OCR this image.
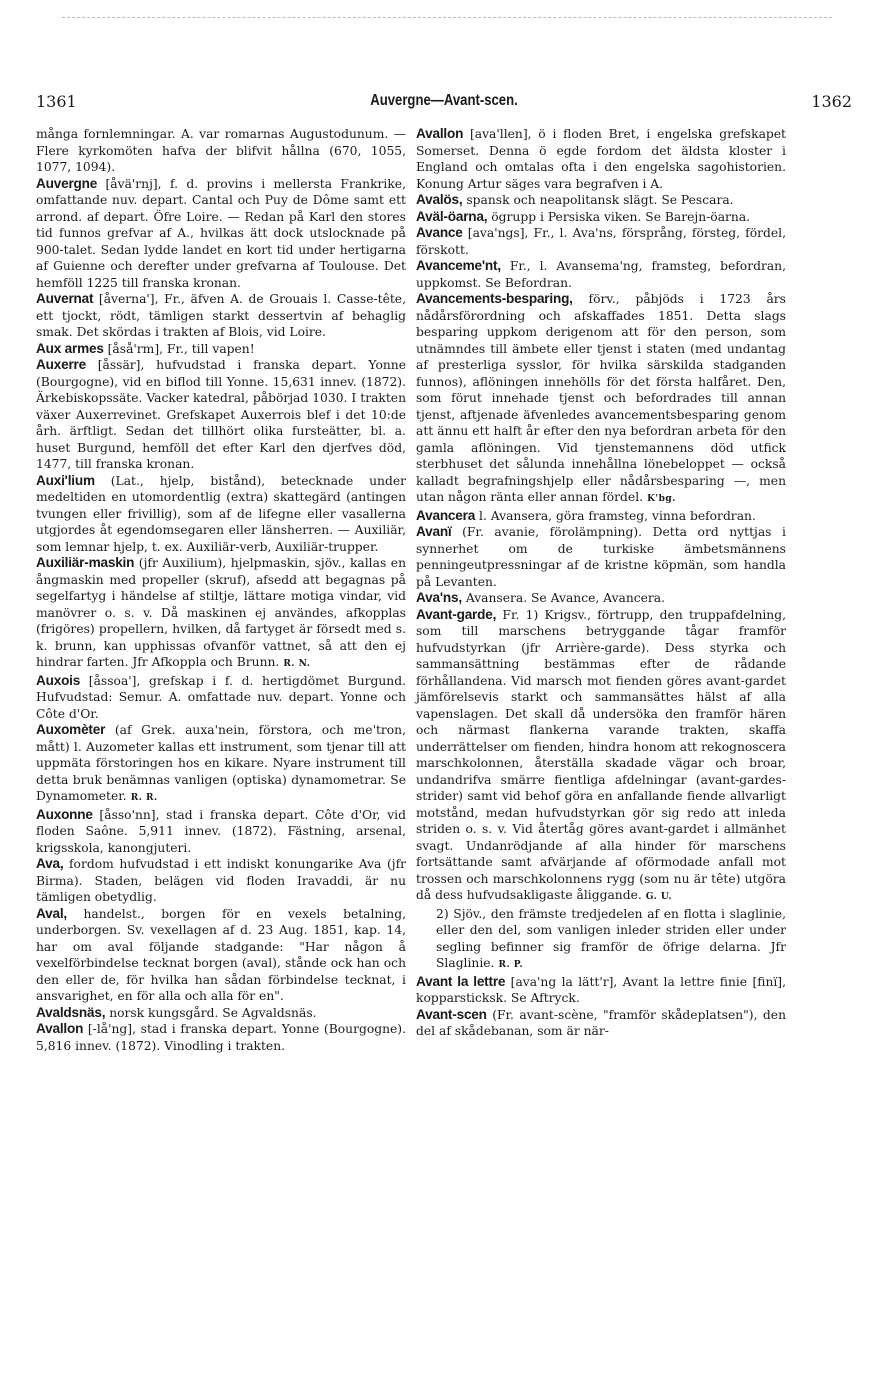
1361	Auvergne—Avant-scen.	1362

många fornlemningar. A. var romarnas Augustodunum. — Flere kyrkomöten hafva der blifvit hållna (670, 1055, 1077, 1094).

Auvergne [åvä'rnj], f. d. provins i mellersta Frankrike, omfattande nuv. depart. Cantal och Puy de Dôme samt ett arrond. af depart. Öfre Loire. — Redan på Karl den stores tid funnos grefvar af A., hvilkas ätt dock utslocknade på 900-talet. Sedan lydde landet en kort tid under hertigarna af Guienne och derefter under grefvarna af Toulouse. Det hemföll 1225 till franska kronan.

Auvernat [åverna'], Fr., äfven A. de Grouais l. Casse-tête, ett tjockt, rödt, tämligen starkt dessertvin af behaglig smak. Det skördas i trakten af Blois, vid Loire.

Aux armes [åså'rm], Fr., till vapen!

Auxerre [åssär], hufvudstad i franska depart. Yonne (Bourgogne), vid en biflod till Yonne. 15,631 innev. (1872). Ärkebiskopssäte. Vacker katedral, påbörjad 1030. I trakten växer Auxerrevinet. Grefskapet Auxerrois blef i det 10:de årh. ärftligt. Sedan det tillhört olika fursteätter, bl. a. huset Burgund, hemföll det efter Karl den djerfves död, 1477, till franska kronan.

Auxi'lium (Lat., hjelp, bistånd), betecknade under medeltiden en utomordentlig (extra) skattegärd (antingen tvungen eller frivillig), som af de lifegne eller vasallerna utgjordes åt egendomsegaren eller länsherren. — Auxiliär, som lemnar hjelp, t. ex. Auxiliär-verb, Auxiliär-trupper.

Auxiliär-maskin (jfr Auxilium), hjelpmaskin, sjöv., kallas en ångmaskin med propeller (skruf), afsedd att begagnas på segelfartyg i händelse af stiltje, lättare motiga vindar, vid manövrer o. s. v. Då maskinen ej användes, afkopplas (frigöres) propellern, hvilken, då fartyget är försedt med s. k. brunn, kan upphissas ofvanför vattnet, så att den ej hindrar farten. Jfr Afkoppla och Brunn. R. N.

Auxois [åssoa'], grefskap i f. d. hertigdömet Burgund. Hufvudstad: Semur. A. omfattade nuv. depart. Yonne och Côte d'Or.

Auxomèter (af Grek. auxa'nein, förstora, och me'tron, mått) l. Auzometer kallas ett instrument, som tjenar till att uppmäta förstoringen hos en kikare. Nyare instrument till detta bruk benämnas vanligen (optiska) dynamometrar. Se Dynamometer. R. R.

Auxonne [åsso'nn], stad i franska depart. Côte d'Or, vid floden Saône. 5,911 innev. (1872). Fästning, arsenal, krigsskola, kanongjuteri.

Ava, fordom hufvudstad i ett indiskt konungarike Ava (jfr Birma). Staden, belägen vid floden Iravaddi, är nu tämligen obetydlig.

Aval, handelst., borgen för en vexels betalning, underborgen. Sv. vexellagen af d. 23 Aug. 1851, kap. 14, har om aval följande stadgande: "Har någon å vexelförbindelse tecknat borgen (aval), stånde ock han och den eller de, för hvilka han sådan förbindelse tecknat, i ansvarighet, en för alla och alla för en".

Avaldsnäs, norsk kungsgård. Se Agvaldsnäs.

Avallon [-lå'ng], stad i franska depart. Yonne (Bourgogne). 5,816 innev. (1872). Vinodling i trakten.

Avallon [ava'llen], ö i floden Bret, i engelska grefskapet Somerset. Denna ö egde fordom det äldsta kloster i England och omtalas ofta i den engelska sagohistorien. Konung Artur säges vara begrafven i A.

Avalös, spansk och neapolitansk slägt. Se Pescara.

Aväl-öarna, ögrupp i Persiska viken. Se Barejn-öarna.

Avance [ava'ngs], Fr., l. Ava'ns, försprång, försteg, fördel, förskott.

Avanceme'nt, Fr., l. Avansema'ng, framsteg, befordran, uppkomst. Se Befordran.

Avancements-besparing, förv., påbjöds i 1723 års nådårsförordning och afskaffades 1851. Detta slags besparing uppkom derigenom att för den person, som utnämndes till ämbete eller tjenst i staten (med undantag af presterliga sysslor, för hvilka särskilda stadganden funnos), aflöningen innehölls för det första halfåret. Den, som förut innehade tjenst och befordrades till annan tjenst, aftjenade äfvenledes avancementsbesparing genom att ännu ett halft år efter den nya befordran arbeta för den gamla aflöningen. Vid tjenstemannens död utfick sterbhuset det sålunda innehållna lönebeloppet — också kalladt begrafningshjelp eller nådårsbesparing —, men utan någon ränta eller annan fördel. K'bg.

Avancera l. Avansera, göra framsteg, vinna befordran.

Avanï (Fr. avanie, förolämpning). Detta ord nyttjas i synnerhet om de turkiske ämbetsmännens penningeutpressningar af de kristne köpmän, som handla på Levanten.

Ava'ns, Avansera. Se Avance, Avancera.

Avant-garde, Fr. 1) Krigsv., förtrupp, den truppafdelning, som till marschens betryggande tågar framför hufvudstyrkan (jfr Arrière-garde). Dess styrka och sammansättning bestämmas efter de rådande förhållandena. Vid marsch mot fienden göres avant-gardet jämförelsevis starkt och sammansättes hälst af alla vapenslagen. Det skall då undersöka den framför hären och närmast flankerna varande trakten, skaffa underrättelser om fienden, hindra honom att rekognoscera marschkolonnen, återställa skadade vägar och broar, undandrifva smärre fientliga afdelningar (avant-gardes-strider) samt vid behof göra en anfallande fiende allvarligt motstånd, medan hufvudstyrkan gör sig redo att inleda striden o. s. v. Vid återtåg göres avant-gardet i allmänhet svagt. Undanrödjande af alla hinder för marschens fortsättande samt afvärjande af oförmodade anfall mot trossen och marschkolonnens rygg (som nu är tête) utgöra då dess hufvudsakligaste åliggande. G. U.

2) Sjöv., den främste tredjedelen af en flotta i slaglinie, eller den del, som vanligen inleder striden eller under segling befinner sig framför de öfrige delarna. Jfr Slaglinie. R. P.

Avant la lettre [ava'ng la lätt'r], Avant la lettre finie [finï], kopparsticksk. Se Aftryck.

Avant-scen (Fr. avant-scène, "framför skådeplatsen"), den del af skådebanan, som är när-
